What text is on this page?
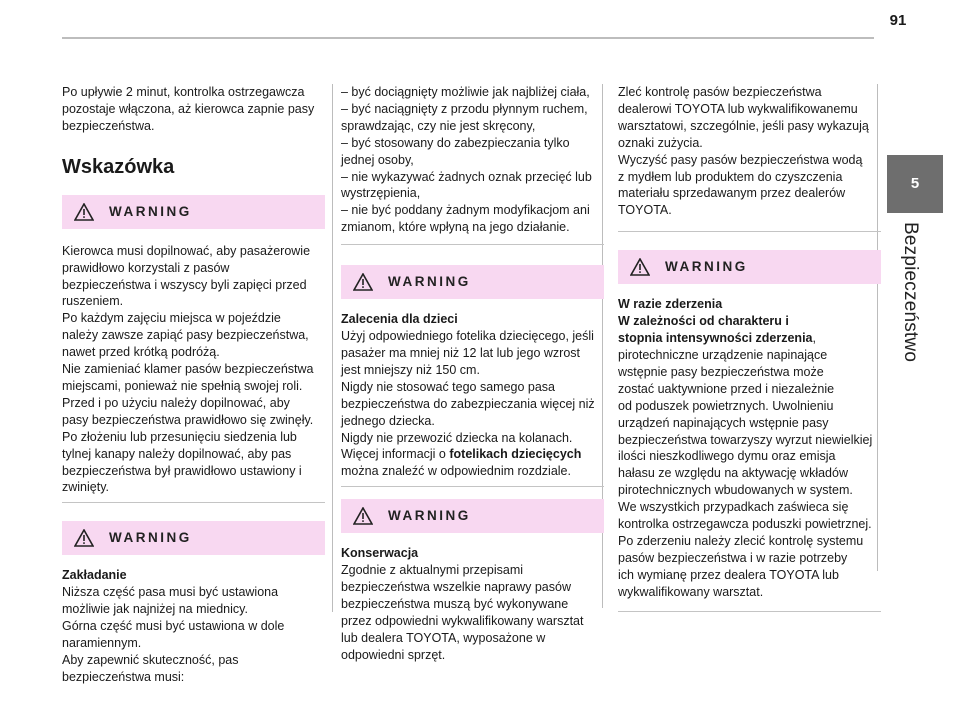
91
5
Bezpieczeństwo

Po upływie 2 minut, kontrolka ostrzegawcza

pozostaje włączona, aż kierowca zapnie pasy

bezpieczeństwa.

Wskazówka
WARNING

Kierowca musi dopilnować, aby pasażerowie

prawidłowo korzystali z pasów

bezpieczeństwa i wszyscy byli zapięci przed

ruszeniem.

Po każdym zajęciu miejsca w pojeździe

należy zawsze zapiąć pasy bezpieczeństwa,

nawet przed krótką podróżą.

Nie zamieniać klamer pasów bezpieczeństwa

miejscami, ponieważ nie spełnią swojej roli.

Przed i po użyciu należy dopilnować, aby

pasy bezpieczeństwa prawidłowo się zwinęły.

Po złożeniu lub przesunięciu siedzenia lub

tylnej kanapy należy dopilnować, aby pas

bezpieczeństwa był prawidłowo ustawiony i

zwinięty.

WARNING

Zakładanie

Niższa część pasa musi być ustawiona

możliwie jak najniżej na miednicy.

Górna część musi być ustawiona w dole

naramiennym.

Aby zapewnić skuteczność, pas

bezpieczeństwa musi:

– być dociągnięty możliwie jak najbliżej ciała,

– być naciągnięty z przodu płynnym ruchem,

sprawdzając, czy nie jest skręcony,

– być stosowany do zabezpieczania tylko

jednej osoby,

– nie wykazywać żadnych oznak przecięć lub

wystrzępienia,

– nie być poddany żadnym modyfikacjom ani

zmianom, które wpłyną na jego działanie.

WARNING

Zalecenia dla dzieci

Użyj odpowiedniego fotelika dziecięcego, jeśli

pasażer ma mniej niż 12 lat lub jego wzrost

jest mniejszy niż 150 cm.

Nigdy nie stosować tego samego pasa

bezpieczeństwa do zabezpieczania więcej niż

jednego dziecka.

Nigdy nie przewozić dziecka na kolanach.

Więcej informacji o fotelikach dziecięcych

można znaleźć w odpowiednim rozdziale.

WARNING

Konserwacja

Zgodnie z aktualnymi przepisami

bezpieczeństwa wszelkie naprawy pasów

bezpieczeństwa muszą być wykonywane

przez odpowiedni wykwalifikowany warsztat

lub dealera TOYOTA, wyposażone w

odpowiedni sprzęt.

Zleć kontrolę pasów bezpieczeństwa

dealerowi TOYOTA lub wykwalifikowanemu

warsztatowi, szczególnie, jeśli pasy wykazują

oznaki zużycia.

Wyczyść pasy pasów bezpieczeństwa wodą

z mydłem lub produktem do czyszczenia

materiału sprzedawanym przez dealerów

TOYOTA.

WARNING

W razie zderzenia

W zależności od charakteru i

stopnia intensywności zderzenia,

pirotechniczne urządzenie napinające

wstępnie pasy bezpieczeństwa może

zostać uaktywnione przed i niezależnie

od poduszek powietrznych. Uwolnieniu

urządzeń napinających wstępnie pasy

bezpieczeństwa towarzyszy wyrzut niewielkiej

ilości nieszkodliwego dymu oraz emisja

hałasu ze względu na aktywację wkładów

pirotechnicznych wbudowanych w system.

We wszystkich przypadkach zaświeca się

kontrolka ostrzegawcza poduszki powietrznej.

Po zderzeniu należy zlecić kontrolę systemu

pasów bezpieczeństwa i w razie potrzeby

ich wymianę przez dealera TOYOTA lub

wykwalifikowany warsztat.
